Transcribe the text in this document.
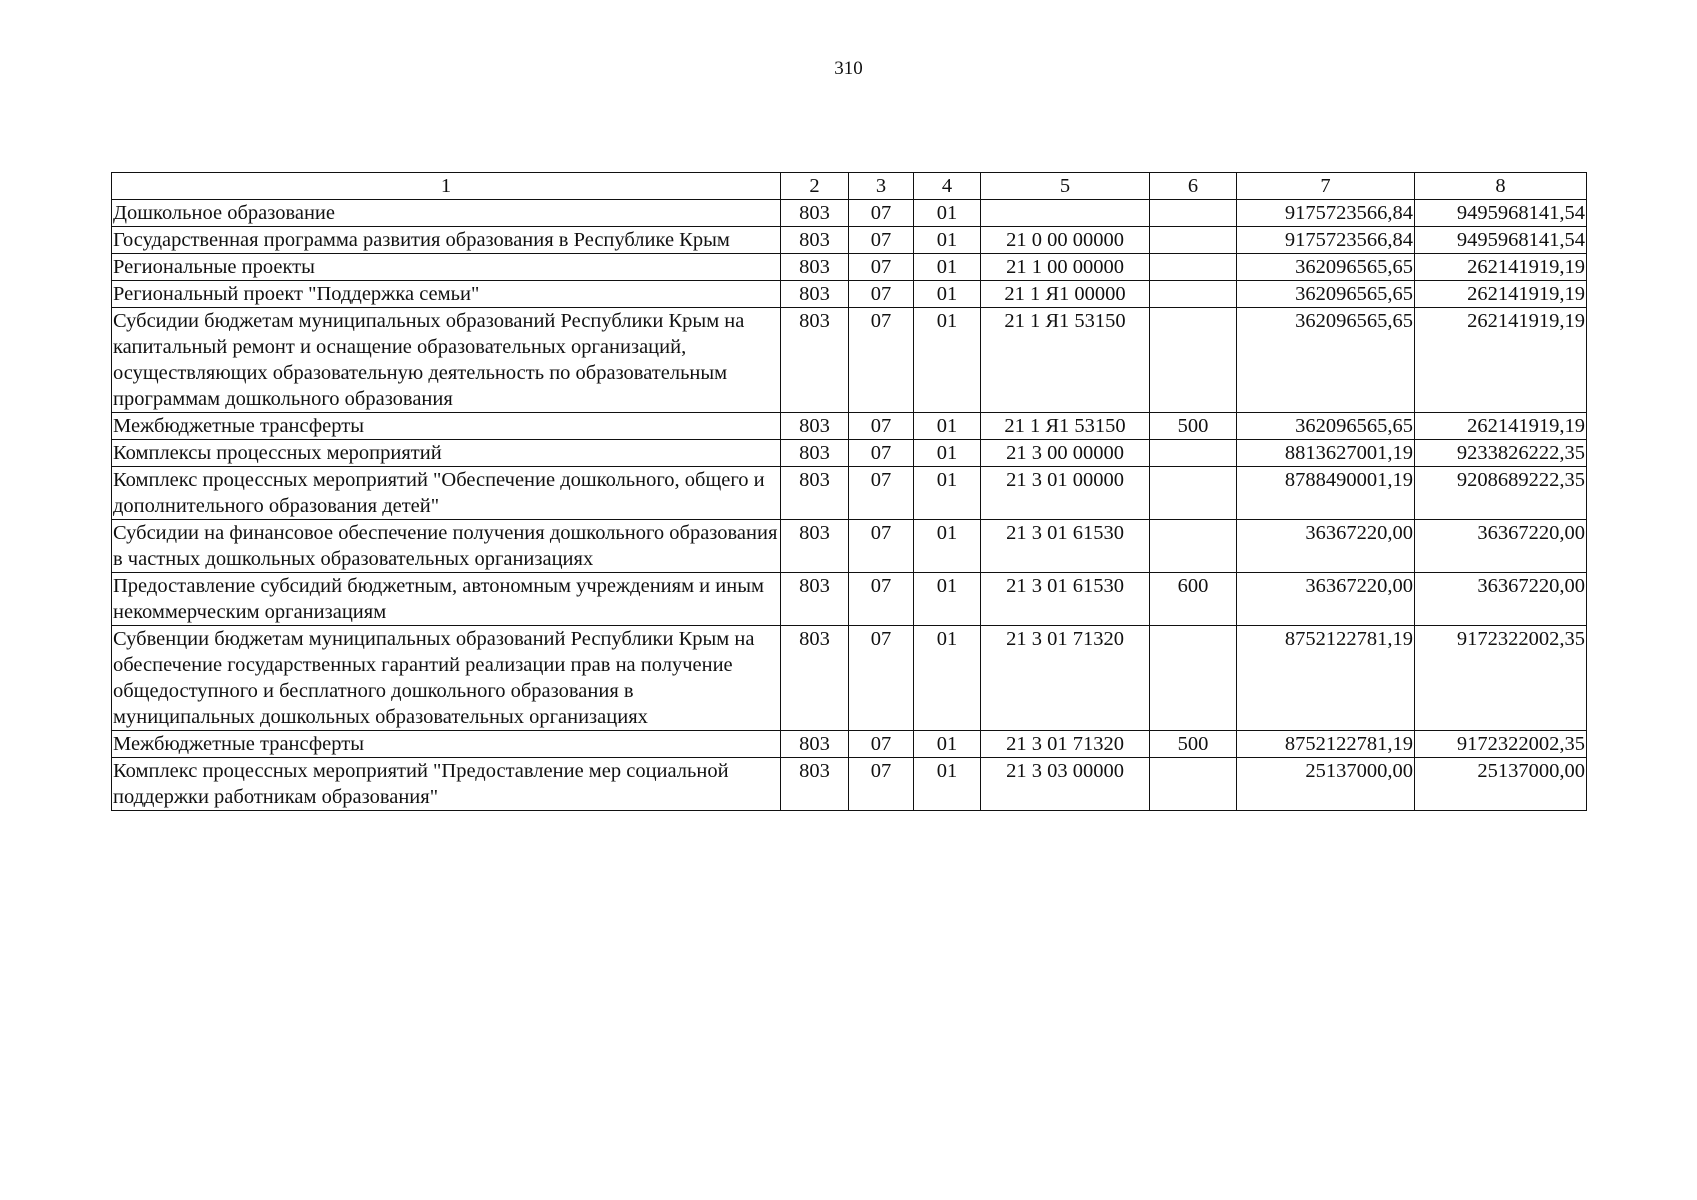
310
1	2	3	4	5	6	7	8
Дошкольное образование	803	07	01			9175723566,84	9495968141,54
Государственная программа развития образования в Республике Крым	803	07	01	21 0 00 00000		9175723566,84	9495968141,54
Региональные проекты	803	07	01	21 1 00 00000		362096565,65	262141919,19
Региональный проект "Поддержка семьи"	803	07	01	21 1 Я1 00000		362096565,65	262141919,19
Субсидии бюджетам муниципальных образований Республики Крым на капитальный ремонт и оснащение образовательных организаций, осуществляющих образовательную деятельность по образовательным программам дошкольного образования	803	07	01	21 1 Я1 53150		362096565,65	262141919,19
Межбюджетные трансферты	803	07	01	21 1 Я1 53150	500	362096565,65	262141919,19
Комплексы процессных мероприятий	803	07	01	21 3 00 00000		8813627001,19	9233826222,35
Комплекс процессных мероприятий "Обеспечение дошкольного, общего и дополнительного образования детей"	803	07	01	21 3 01 00000		8788490001,19	9208689222,35
Субсидии на финансовое обеспечение получения дошкольного образования в частных дошкольных образовательных организациях	803	07	01	21 3 01 61530		36367220,00	36367220,00
Предоставление субсидий бюджетным, автономным учреждениям и иным некоммерческим организациям	803	07	01	21 3 01 61530	600	36367220,00	36367220,00
Субвенции бюджетам муниципальных образований Республики Крым на обеспечение государственных гарантий реализации прав на получение общедоступного и бесплатного дошкольного образования в муниципальных дошкольных образовательных организациях	803	07	01	21 3 01 71320		8752122781,19	9172322002,35
Межбюджетные трансферты	803	07	01	21 3 01 71320	500	8752122781,19	9172322002,35
Комплекс процессных мероприятий "Предоставление мер социальной поддержки работникам образования"	803	07	01	21 3 03 00000		25137000,00	25137000,00
